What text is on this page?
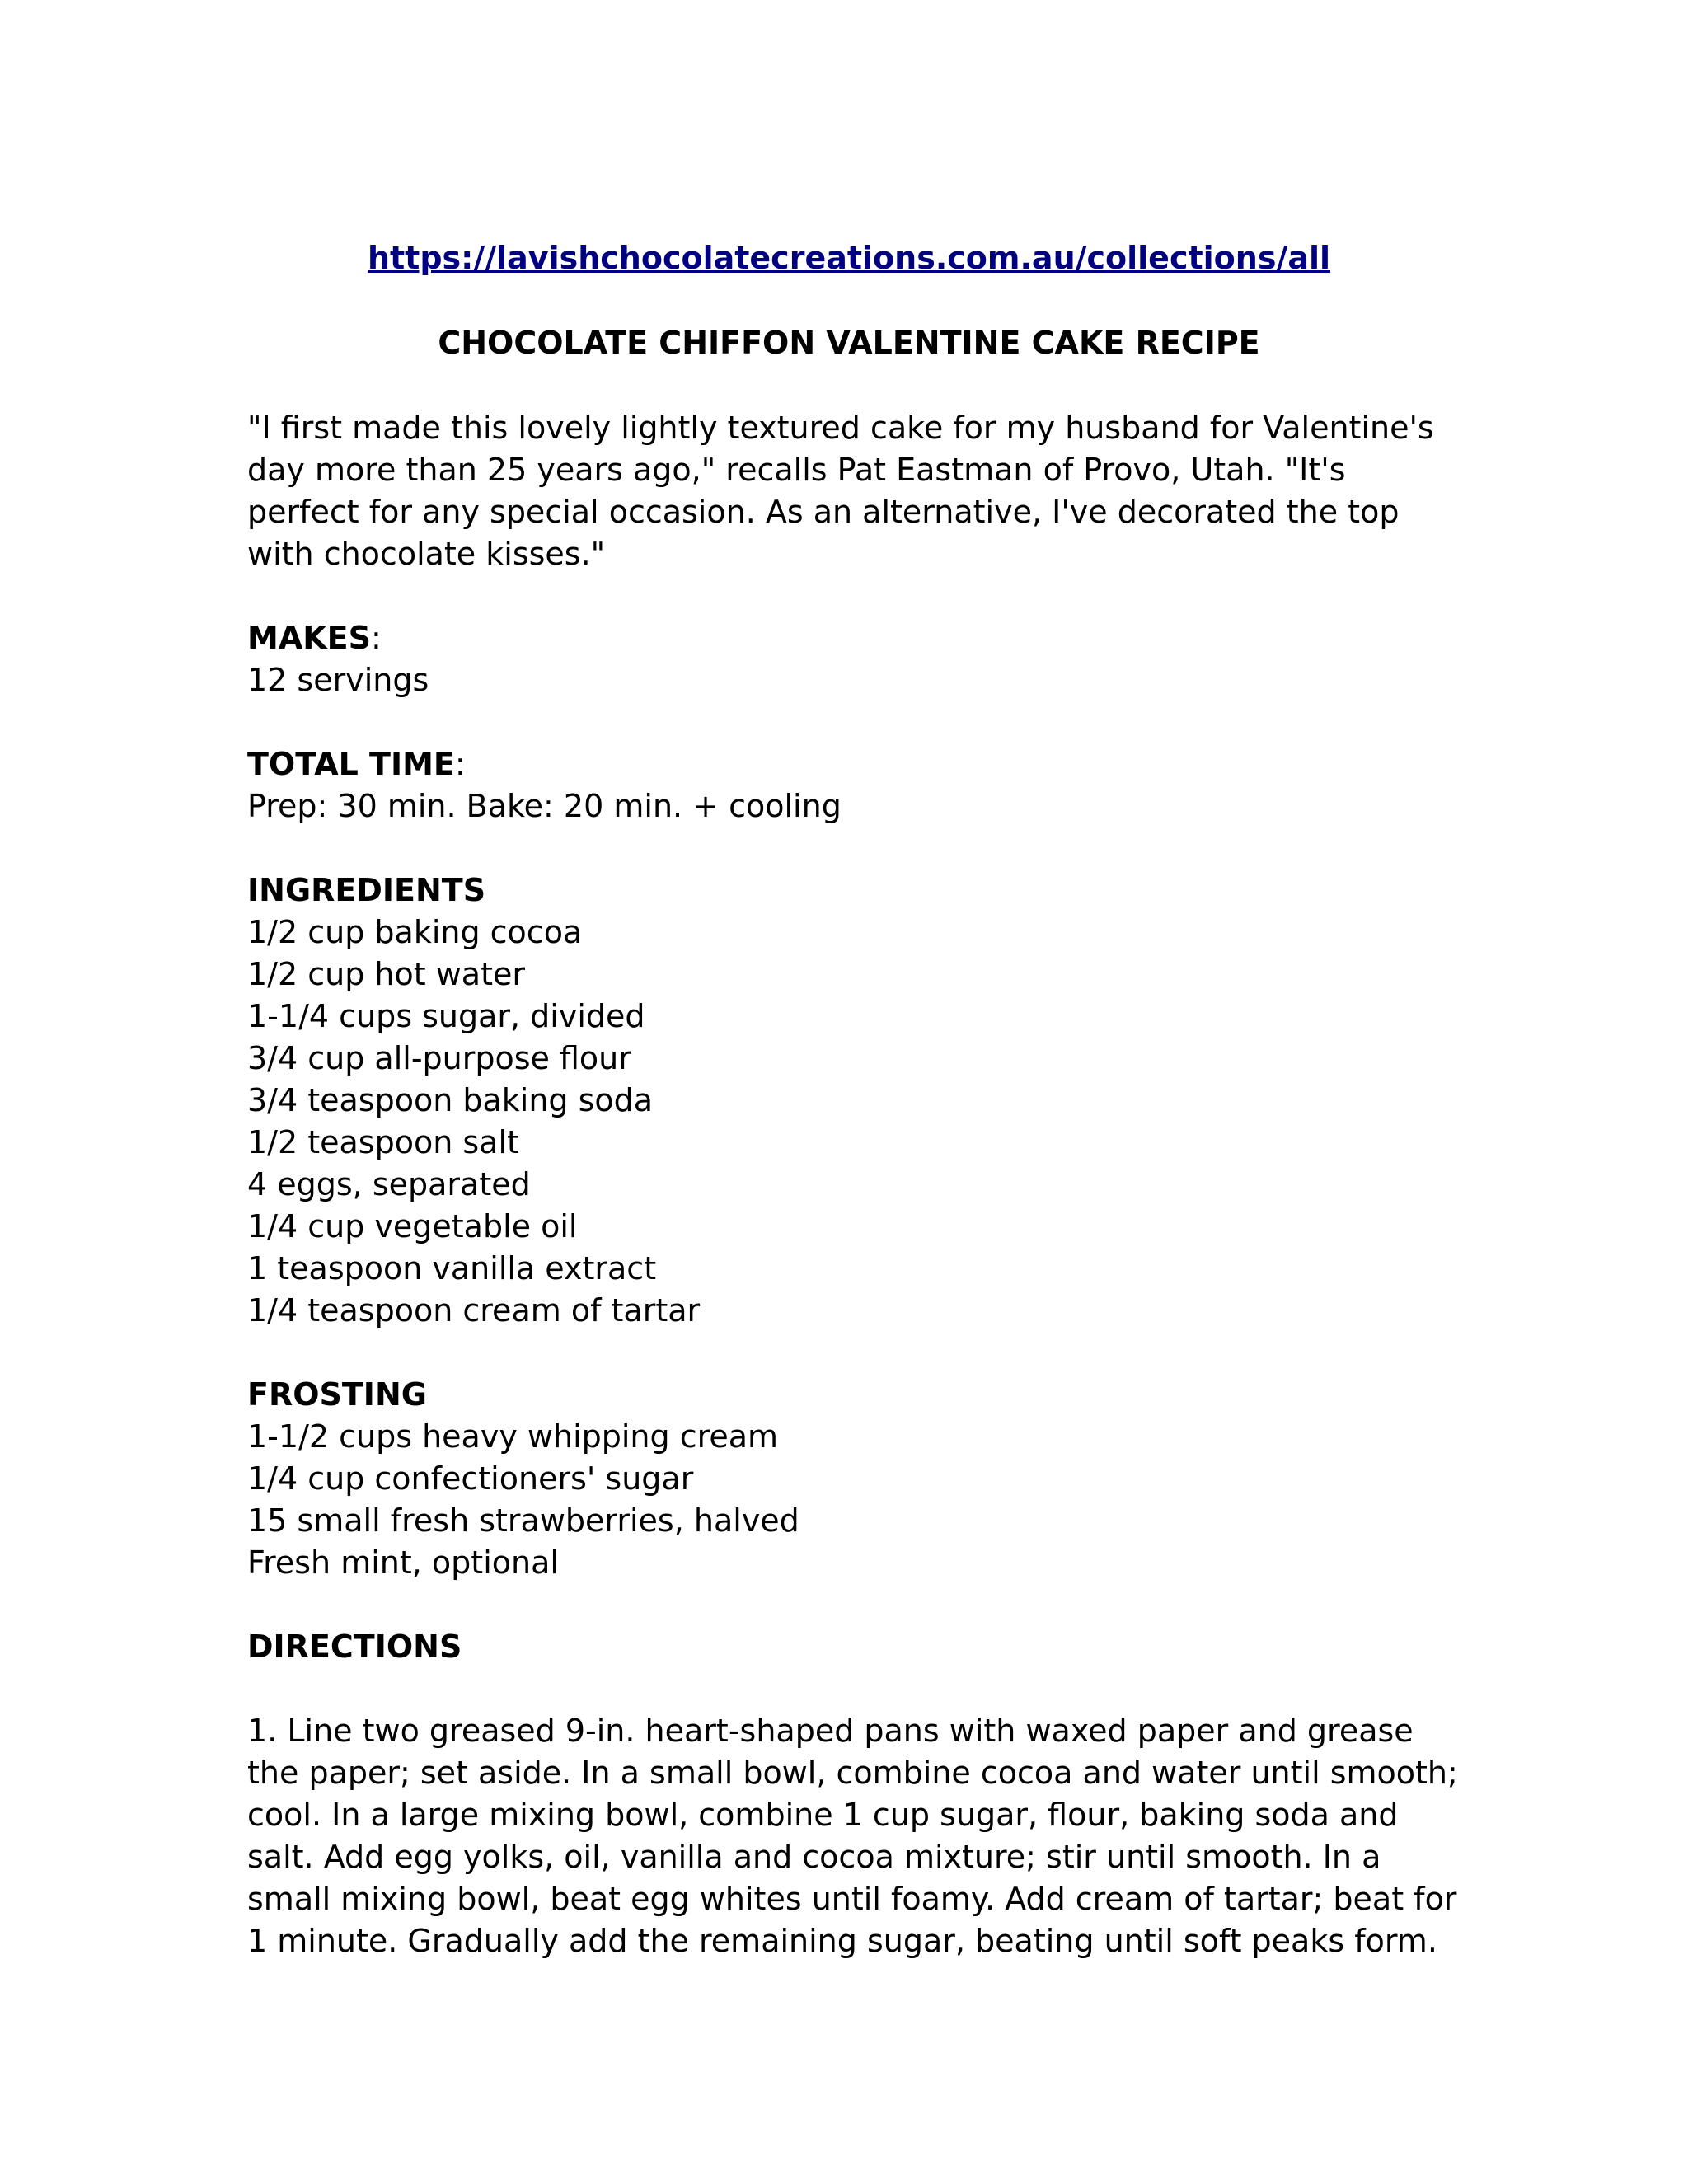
https://lavishchocolatecreations.com.au/collections/all

CHOCOLATE CHIFFON VALENTINE CAKE RECIPE
"I first made this lovely lightly textured cake for my husband for Valentine's
day more than 25 years ago," recalls Pat Eastman of Provo, Utah. "It's
perfect for any special occasion. As an alternative, I've decorated the top
with chocolate kisses."
MAKES:
12 servings
TOTAL TIME:
Prep: 30 min. Bake: 20 min. + cooling
INGREDIENTS
1/2 cup baking cocoa
1/2 cup hot water
1-1/4 cups sugar, divided
3/4 cup all-purpose flour
3/4 teaspoon baking soda
1/2 teaspoon salt
4 eggs, separated
1/4 cup vegetable oil
1 teaspoon vanilla extract
1/4 teaspoon cream of tartar
FROSTING
1-1/2 cups heavy whipping cream
1/4 cup confectioners' sugar
15 small fresh strawberries, halved
Fresh mint, optional
DIRECTIONS
1. Line two greased 9-in. heart-shaped pans with waxed paper and grease
the paper; set aside. In a small bowl, combine cocoa and water until smooth;
cool. In a large mixing bowl, combine 1 cup sugar, flour, baking soda and
salt. Add egg yolks, oil, vanilla and cocoa mixture; stir until smooth. In a
small mixing bowl, beat egg whites until foamy. Add cream of tartar; beat for
1 minute. Gradually add the remaining sugar, beating until soft peaks form.
